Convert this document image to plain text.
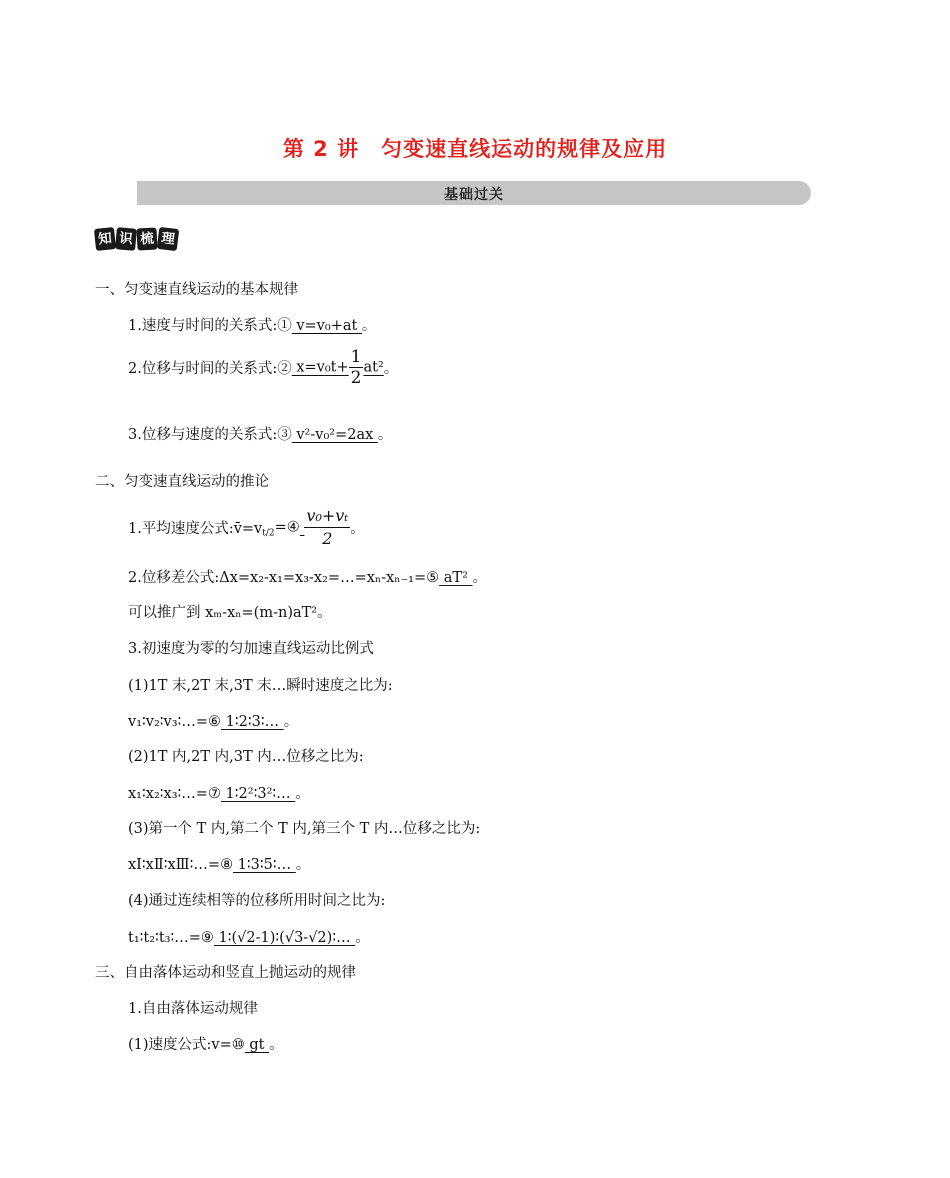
第 2 讲　匀变速直线运动的规律及应用
基础过关
知 识 梳 理
一、匀变速直线运动的基本规律
1.速度与时间的关系式:① v=v₀+at 。
2.位移与时间的关系式:② $x=v_0t+ \frac{1}{2} at^2$。
3.位移与速度的关系式:③ v²-v₀²=2ax 。
二、匀变速直线运动的推论
1.平均速度公式$:v̄=v_{t/2}=④ \frac{\text{v₀+vₜ}}{2}$ 。
2.位移差公式:Δx=x₂-x₁=x₃-x₂=…=xₙ-xₙ₋₁=⑤ aT² 。
可以推广到 xₘ-xₙ=(m-n)aT²。
3.初速度为零的匀加速直线运动比例式
(1)1T 末,2T 末,3T 末…瞬时速度之比为:
v₁∶v₂∶v₃∶…=⑥ 1∶2∶3∶… 。
(2)1T 内,2T 内,3T 内…位移之比为:
x₁∶x₂∶x₃∶…=⑦ 1∶2²∶3²∶… 。
(3)第一个 T 内,第二个 T 内,第三个 T 内…位移之比为:
xⅠ∶xⅡ∶xⅢ∶…=⑧ 1∶3∶5∶… 。
(4)通过连续相等的位移所用时间之比为:
t₁∶t₂∶t₃∶…=⑨ 1∶(√2-1)∶(√3-√2)∶… 。
三、自由落体运动和竖直上抛运动的规律
1.自由落体运动规律
(1)速度公式:v=⑩ gt 。
